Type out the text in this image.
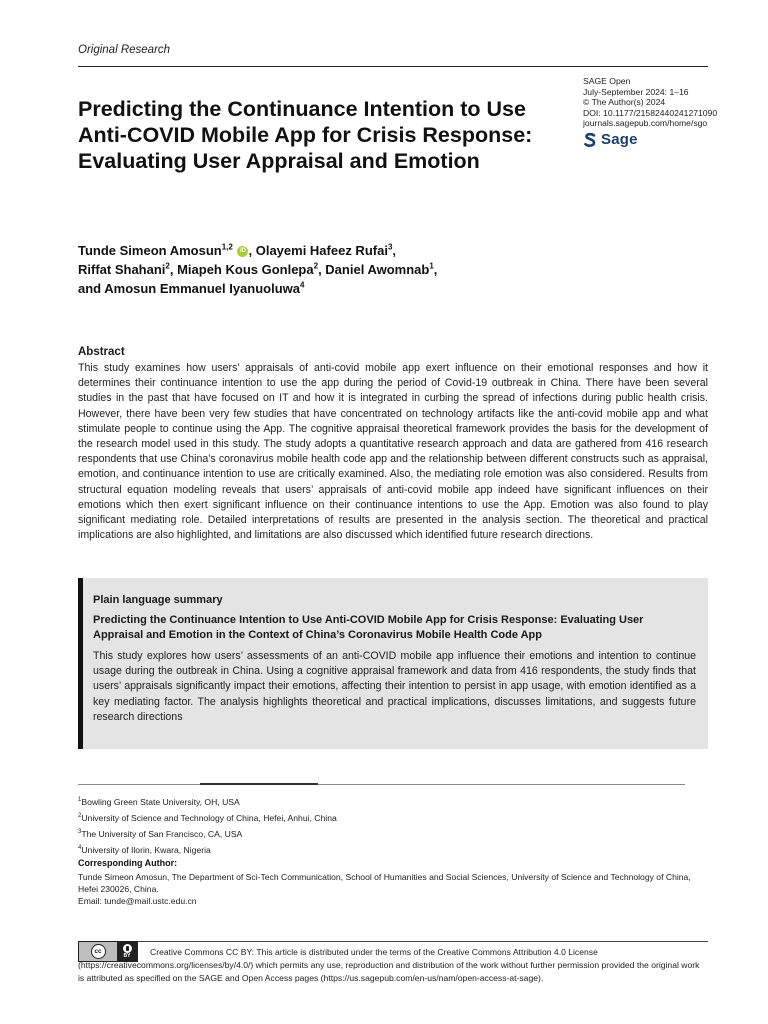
Original Research
SAGE Open
July-September 2024: 1–16
© The Author(s) 2024
DOI: 10.1177/21582440241271090
journals.sagepub.com/home/sgo
Sage
Predicting the Continuance Intention to Use Anti-COVID Mobile App for Crisis Response: Evaluating User Appraisal and Emotion
Tunde Simeon Amosun$^{1,2}$ iD , Olayemi Hafeez Rufai$^3$,
Riffat Shahani$^2$, Miapeh Kous Gonlepa$^2$, Daniel Awomnab$^1$,
and Amosun Emmanuel Iyanuoluwa$^4$
Abstract

This study examines how users’ appraisals of anti-covid mobile app exert influence on their emotional responses and how it determines their continuance intention to use the app during the period of Covid-19 outbreak in China. There have been several studies in the past that have focused on IT and how it is integrated in curbing the spread of infections during public health crisis. However, there have been very few studies that have concentrated on technology artifacts like the anti-covid mobile app and what stimulate people to continue using the App. The cognitive appraisal theoretical framework provides the basis for the development of the research model used in this study. The study adopts a quantitative research approach and data are gathered from 416 research respondents that use China’s coronavirus mobile health code app and the relationship between different constructs such as appraisal, emotion, and continuance intention to use are critically examined. Also, the mediating role emotion was also considered. Results from structural equation modeling reveals that users’ appraisals of anti-covid mobile app indeed have significant influences on their emotions which then exert significant influence on their continuance intentions to use the App. Emotion was also found to play significant mediating role. Detailed interpretations of results are presented in the analysis section. The theoretical and practical implications are also highlighted, and limitations are also discussed which identified future research directions.

Plain language summary
Predicting the Continuance Intention to Use Anti-COVID Mobile App for Crisis Response: Evaluating User Appraisal and Emotion in the Context of China’s Coronavirus Mobile Health Code App
This study explores how users’ assessments of an anti-COVID mobile app influence their emotions and intention to continue usage during the outbreak in China. Using a cognitive appraisal framework and data from 416 respondents, the study finds that users’ appraisals significantly impact their emotions, affecting their intention to persist in app usage, with emotion identified as a key mediating factor. The analysis highlights theoretical and practical implications, discusses limitations, and suggests future research directions
$^1$Bowling Green State University, OH, USA
$^2$University of Science and Technology of China, Hefei, Anhui, China
$^3$The University of San Francisco, CA, USA
$^4$University of Ilorin, Kwara, Nigeria
Corresponding Author:
Tunde Simeon Amosun, The Department of Sci-Tech Communication, School of Humanities and Social Sciences, University of Science and Technology of China, Hefei 230026, China.
Email: tunde@mail.ustc.edu.cn
cc
BY	Creative Commons CC BY: This article is distributed under the terms of the Creative Commons Attribution 4.0 License (https://creativecommons.org/licenses/by/4.0/) which permits any use, reproduction and distribution of the work without further permission provided the original work is attributed as specified on the SAGE and Open Access pages (https://us.sagepub.com/en-us/nam/open-access-at-sage).
